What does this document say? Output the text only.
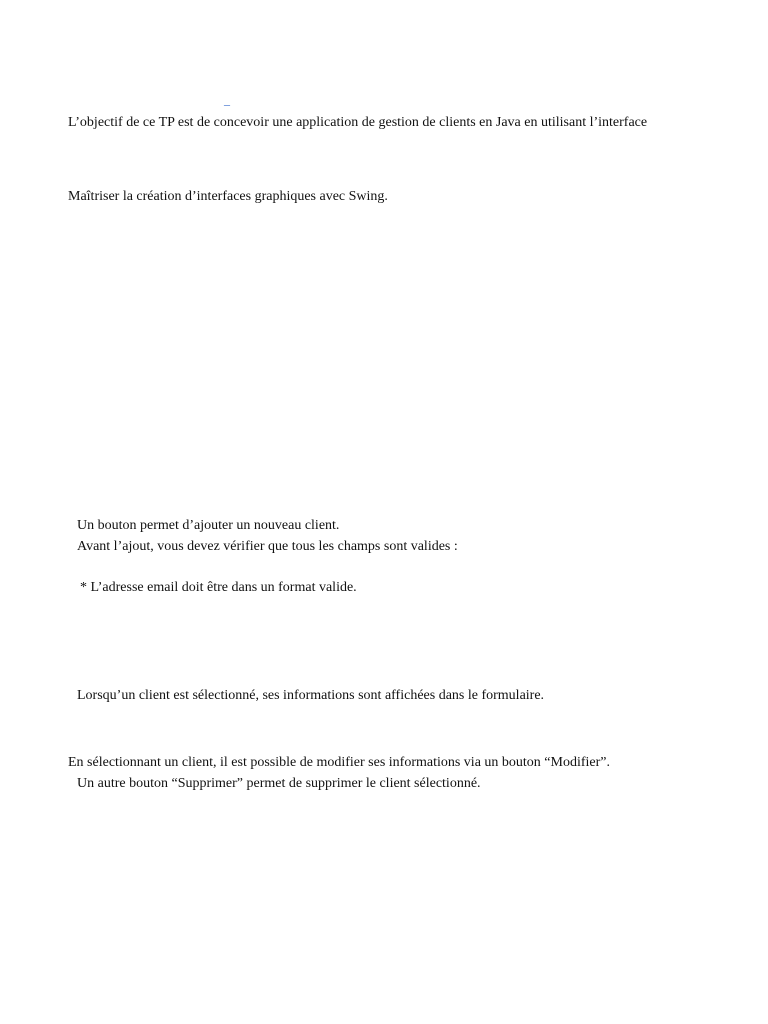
_
L’objectif de ce TP est de concevoir une application de gestion de clients en Java en utilisant l’interface
Maîtriser la création d’interfaces graphiques avec Swing.
Un bouton permet d’ajouter un nouveau client.
Avant l’ajout, vous devez vérifier que tous les champs sont valides :
* L’adresse email doit être dans un format valide.
Lorsqu’un client est sélectionné, ses informations sont affichées dans le formulaire.
En sélectionnant un client, il est possible de modifier ses informations via un bouton “Modifier”.
Un autre bouton “Supprimer” permet de supprimer le client sélectionné.
